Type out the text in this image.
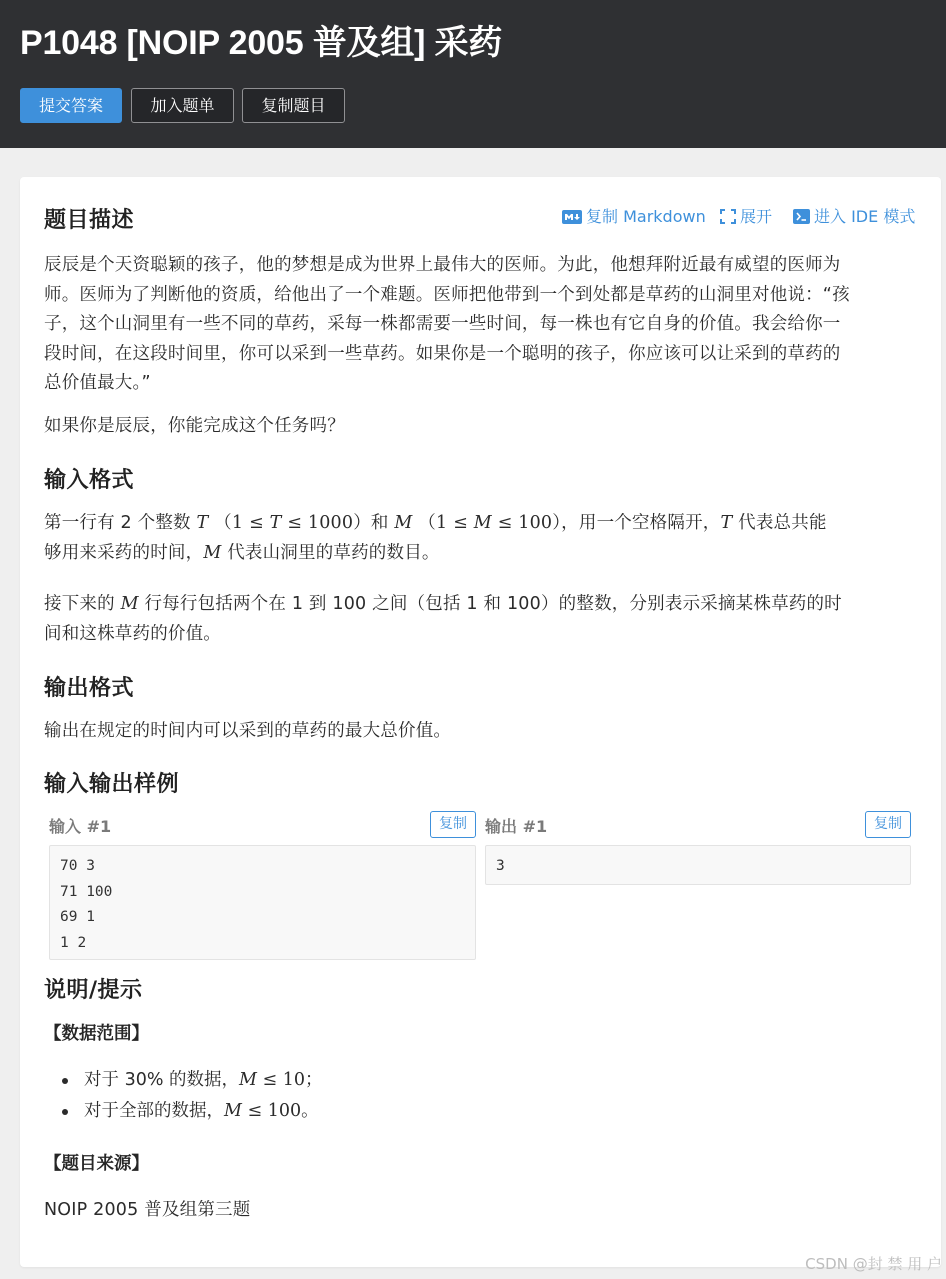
P1048 [NOIP 2005 普及组] 采药
提交答案	加入题单	复制题目
题目描述	复制 Markdown	展开	进入 IDE 模式
辰辰是个天资聪颖的孩子，他的梦想是成为世界上最伟大的医师。为此，他想拜附近最有威望的医师为
师。医师为了判断他的资质，给他出了一个难题。医师把他带到一个到处都是草药的山洞里对他说：“孩
子，这个山洞里有一些不同的草药，采每一株都需要一些时间，每一株也有它自身的价值。我会给你一
段时间，在这段时间里，你可以采到一些草药。如果你是一个聪明的孩子，你应该可以让采到的草药的
总价值最大。”
如果你是辰辰，你能完成这个任务吗？
输入格式
第一行有 2 个整数 T （1 ≤ T ≤ 1000）和 M （1 ≤ M ≤ 100），用一个空格隔开，T 代表总共能
够用来采药的时间，M 代表山洞里的草药的数目。
接下来的 M 行每行包括两个在 1 到 100 之间（包括 1 和 100）的整数，分别表示采摘某株草药的时
间和这株草药的价值。
输出格式
输出在规定的时间内可以采到的草药的最大总价值。
输入输出样例
输入 #1	复制
70 3
71 100
69 1
1 2
输出 #1	复制
3
说明/提示
【数据范围】
对于 30% 的数据，M ≤ 10；
对于全部的数据，M ≤ 100。
【题目来源】
NOIP 2005 普及组第三题
CSDN @封 禁 用 户
